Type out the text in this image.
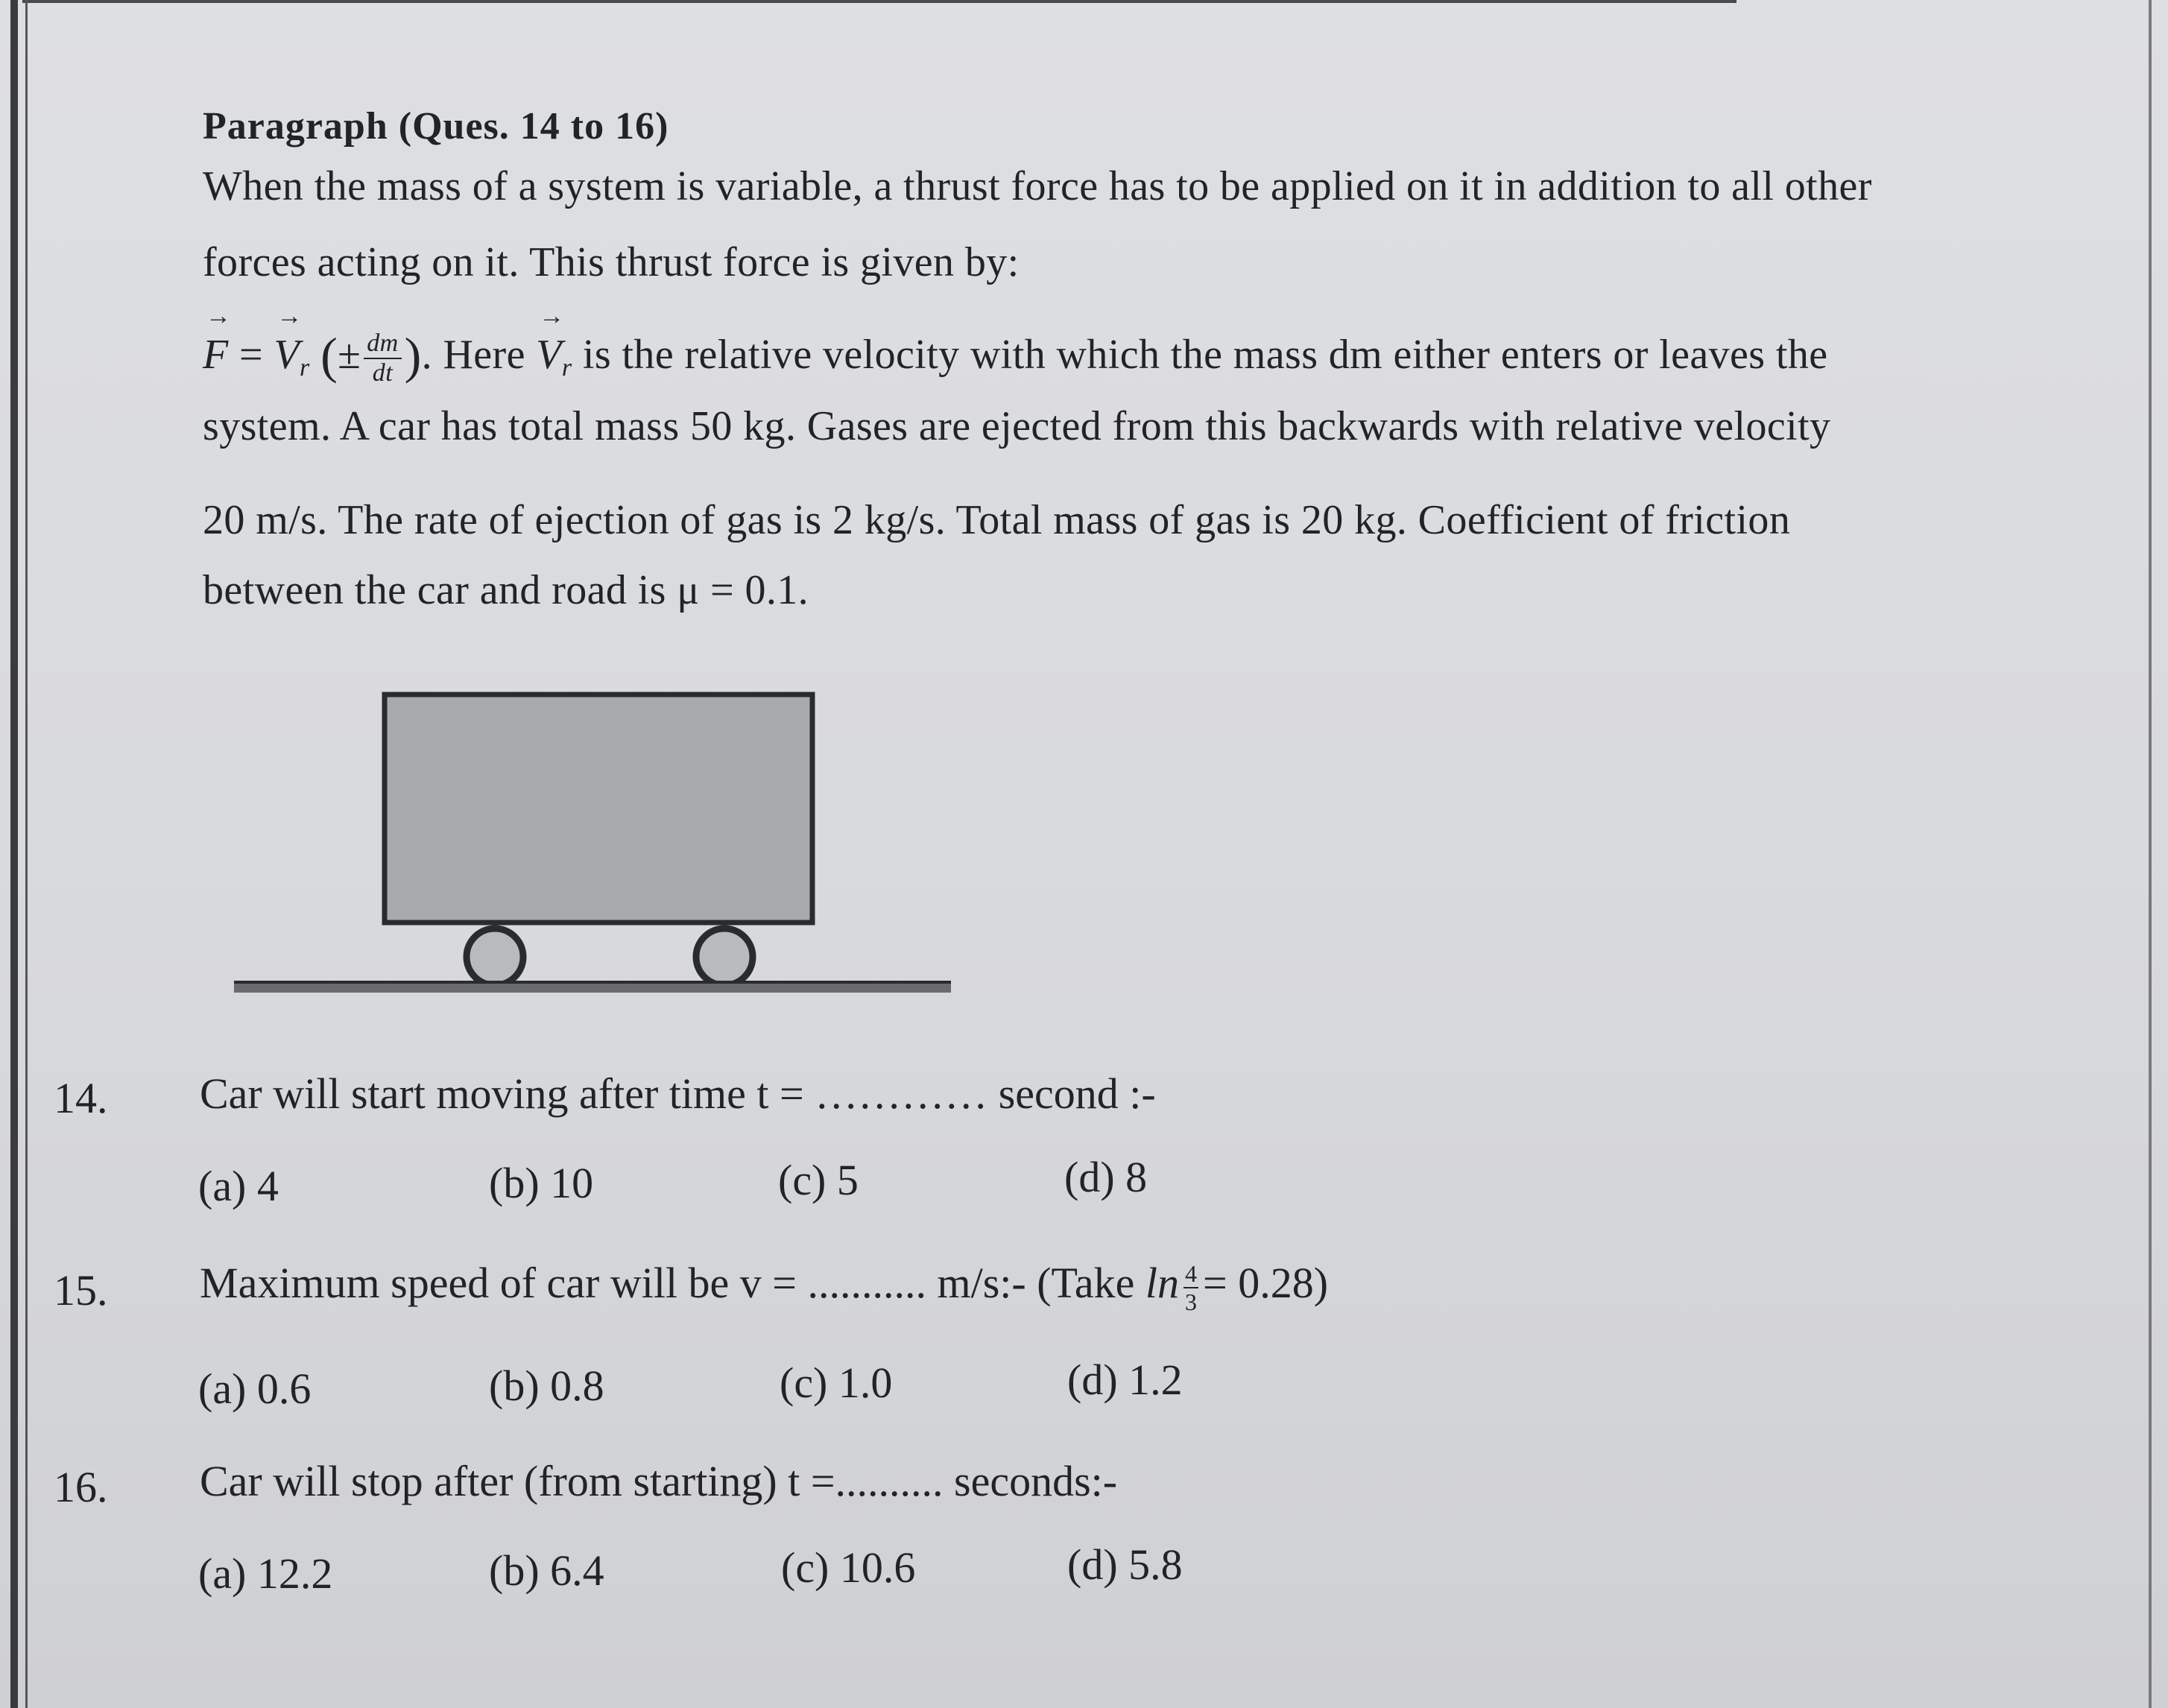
Paragraph (Ques. 14 to 16)
When the mass of a system is variable, a thrust force has to be applied on it in addition to all other
forces acting on it. This thrust force is given by:
→ F = → $V_r$ (± $\frac{dm}{dt}$ ). Here → $V_r$ is the relative velocity with which the mass dm either enters or leaves the
system. A car has total mass 50 kg. Gases are ejected from this backwards with relative velocity
20 m/s. The rate of ejection of gas is 2 kg/s. Total mass of gas is 20 kg. Coefficient of friction
between the car and road is μ = 0.1.
14. Car will start moving after time t = ………… second :-
(a) 4	(b) 10	(c) 5	(d) 8
15. Maximum speed of car will be v = ........... m/s:- (Take $\ln \frac{4}{3} = 0.28$)
(a) 0.6	(b) 0.8	(c) 1.0	(d) 1.2
16. Car will stop after (from starting) t =.......... seconds:-
(a) 12.2	(b) 6.4	(c) 10.6	(d) 5.8
